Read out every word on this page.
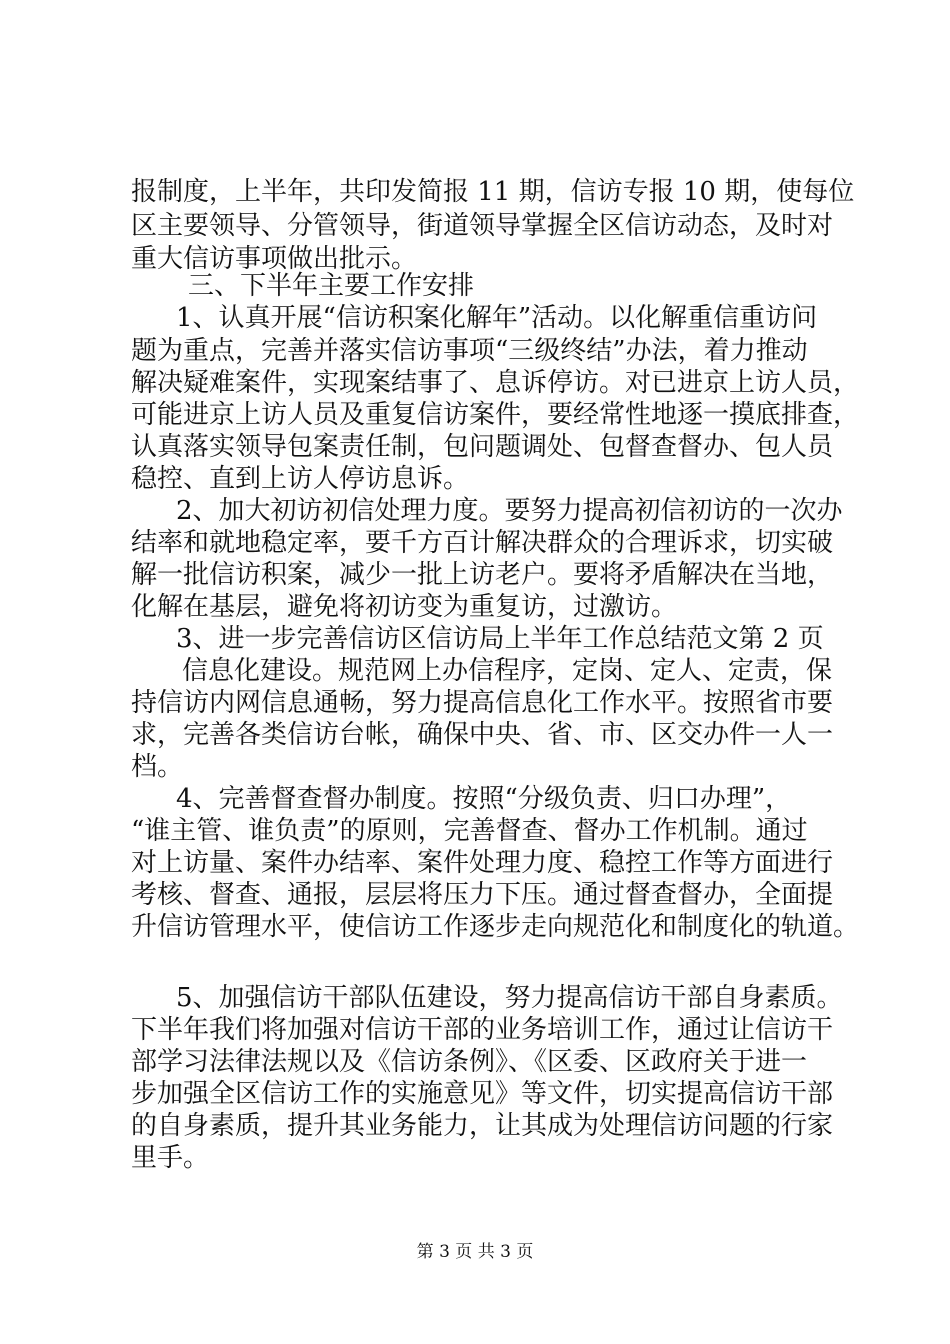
报制度，上半年，共印发简报 11 期，信访专报 10 期，使每位
区主要领导、分管领导，街道领导掌握全区信访动态，及时对
重大信访事项做出批示。
三、下半年主要工作安排
1、认真开展“信访积案化解年”活动。以化解重信重访问
题为重点，完善并落实信访事项“三级终结”办法，着力推动
解决疑难案件，实现案结事了、息诉停访。对已进京上访人员，
可能进京上访人员及重复信访案件，要经常性地逐一摸底排查，
认真落实领导包案责任制，包问题调处、包督查督办、包人员
稳控、直到上访人停访息诉。
2、加大初访初信处理力度。要努力提高初信初访的一次办
结率和就地稳定率，要千方百计解决群众的合理诉求，切实破
解一批信访积案，减少一批上访老户。要将矛盾解决在当地，
化解在基层，避免将初访变为重复访，过激访。
3、进一步完善信访区信访局上半年工作总结范文第 2 页
信息化建设。规范网上办信程序，定岗、定人、定责，保
持信访内网信息通畅，努力提高信息化工作水平。按照省市要
求，完善各类信访台帐，确保中央、省、市、区交办件一人一
档。
4、完善督查督办制度。按照“分级负责、归口办理”，
“谁主管、谁负责”的原则，完善督查、督办工作机制。通过
对上访量、案件办结率、案件处理力度、稳控工作等方面进行
考核、督查、通报，层层将压力下压。通过督查督办，全面提
升信访管理水平，使信访工作逐步走向规范化和制度化的轨道。
5、加强信访干部队伍建设，努力提高信访干部自身素质。
下半年我们将加强对信访干部的业务培训工作，通过让信访干
部学习法律法规以及《信访条例》、《区委、区政府关于进一
步加强全区信访工作的实施意见》等文件，切实提高信访干部
的自身素质，提升其业务能力，让其成为处理信访问题的行家
里手。
第 3 页 共 3 页
